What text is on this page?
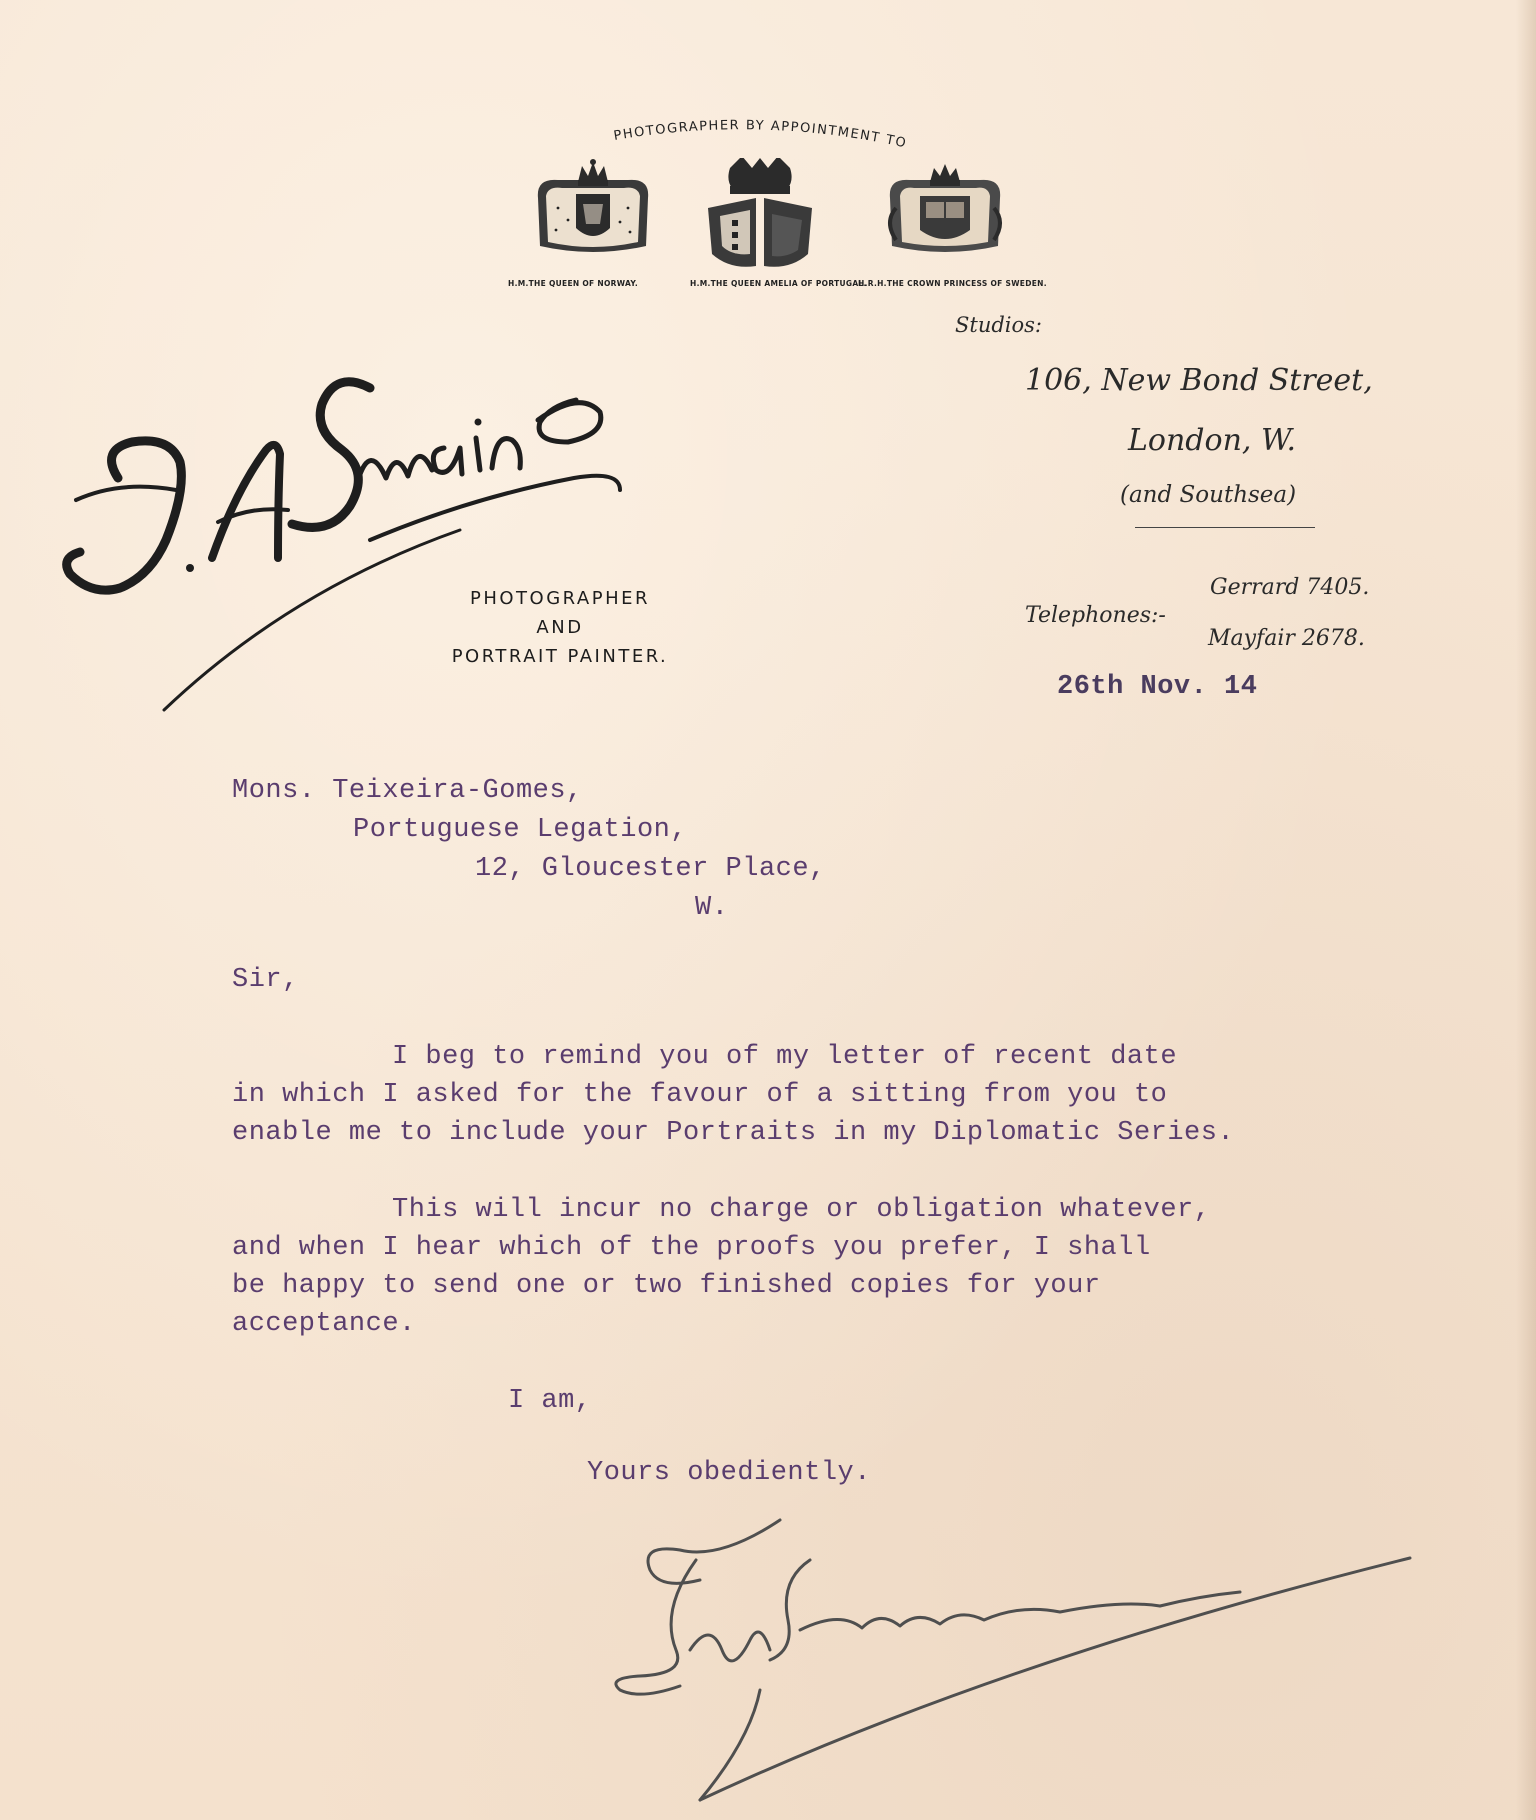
PHOTOGRAPHER BY APPOINTMENT TO
H.M.THE QUEEN OF NORWAY.	H.M.THE QUEEN AMELIA OF PORTUGAL.
H.R.H.THE CROWN PRINCESS OF SWEDEN.
PHOTOGRAPHER
AND
PORTRAIT PAINTER.
Studios:
106, New Bond Street,
London, W.
(and Southsea)
Telephones:-
Gerrard 7405.
Mayfair 2678.
26th Nov. 14
Mons. Teixeira-Gomes,
Portuguese Legation,
12, Gloucester Place,
W.
Sir,
I beg to remind you of my letter of recent date
in which I asked for the favour of a sitting from you to
enable me to include your Portraits in my Diplomatic Series.
This will incur no charge or obligation whatever,
and when I hear which of the proofs you prefer, I shall
be happy to send one or two finished copies for your
acceptance.
I am,
Yours obediently.
